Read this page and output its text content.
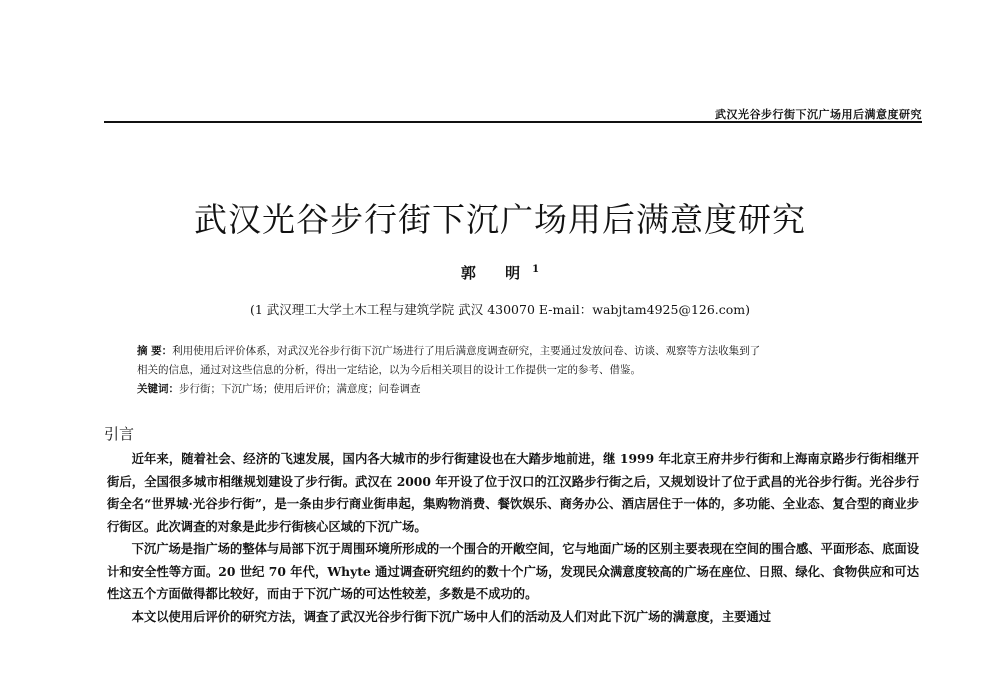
武汉光谷步行街下沉广场用后满意度研究
武汉光谷步行街下沉广场用后满意度研究
郭 明$^1$
(1 武汉理工大学土木工程与建筑学院 武汉 430070 E-mail：wabjtam4925@126.com)
摘 要：利用使用后评价体系，对武汉光谷步行街下沉广场进行了用后满意度调查研究，主要通过发放问卷、访谈、观察等方法收集到了
相关的信息，通过对这些信息的分析，得出一定结论，以为今后相关项目的设计工作提供一定的参考、借鉴。
关键词：步行街；下沉广场；使用后评价；满意度；问卷调查
引言

近年来，随着社会、经济的飞速发展，国内各大城市的步行街建设也在大踏步地前进，继 1999 年北京王府井步行街和上海南京路步行街相继开街后，全国很多城市相继规划建设了步行街。武汉在 2000 年开设了位于汉口的江汉路步行街之后，又规划设计了位于武昌的光谷步行街。光谷步行街全名“世界城·光谷步行街”，是一条由步行商业街串起，集购物消费、餐饮娱乐、商务办公、酒店居住于一体的，多功能、全业态、复合型的商业步行街区。此次调查的对象是此步行街核心区域的下沉广场。

下沉广场是指广场的整体与局部下沉于周围环境所形成的一个围合的开敞空间，它与地面广场的区别主要表现在空间的围合感、平面形态、底面设计和安全性等方面。20 世纪 70 年代，Whyte 通过调查研究纽约的数十个广场，发现民众满意度较高的广场在座位、日照、绿化、食物供应和可达性这五个方面做得都比较好，而由于下沉广场的可达性较差，多数是不成功的。

本文以使用后评价的研究方法，调查了武汉光谷步行街下沉广场中人们的活动及人们对此下沉广场的满意度，主要通过
